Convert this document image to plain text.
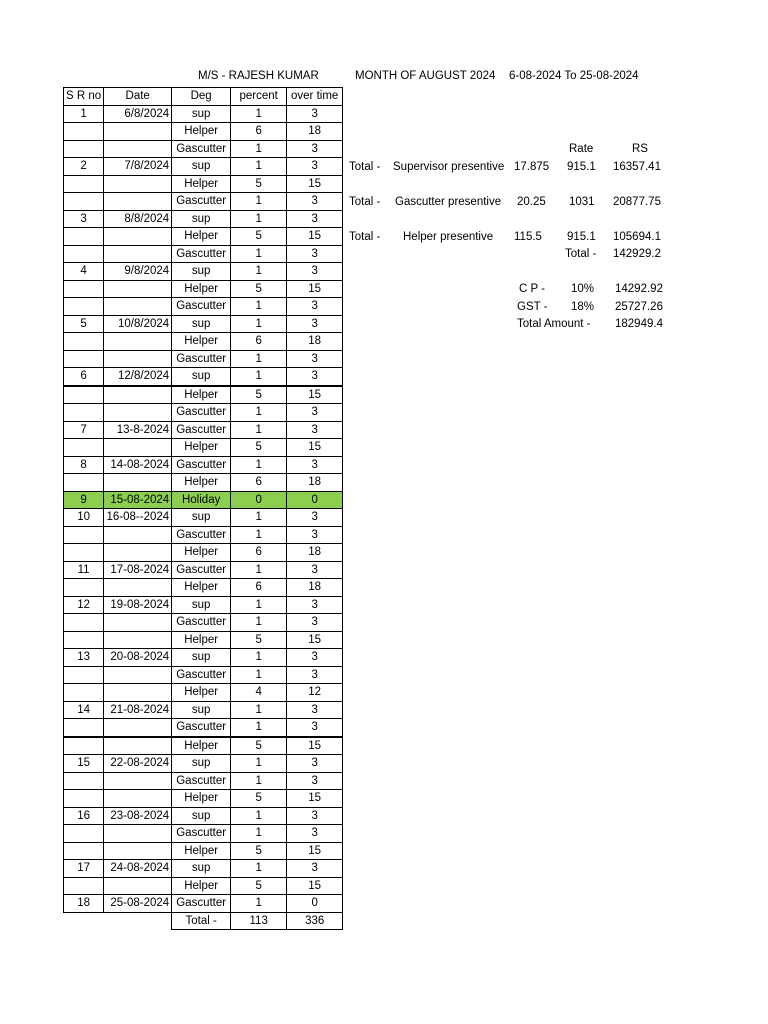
M/S - RAJESH KUMAR	MONTH OF AUGUST 2024 6-08-2024 To 25-08-2024
S R no	Date	Deg	percent	over time
1	6/8/2024	sup	1	3
		Helper	6	18
		Gascutter	1	3
2	7/8/2024	sup	1	3
		Helper	5	15
		Gascutter	1	3
3	8/8/2024	sup	1	3
		Helper	5	15
		Gascutter	1	3
4	9/8/2024	sup	1	3
		Helper	5	15
		Gascutter	1	3
5	10/8/2024	sup	1	3
		Helper	6	18
		Gascutter	1	3
6	12/8/2024	sup	1	3
		Helper	5	15
		Gascutter	1	3
7	13-8-2024	Gascutter	1	3
		Helper	5	15
8	14-08-2024	Gascutter	1	3
		Helper	6	18
9	15-08-2024	Holiday	0	0
10	16-08--2024	sup	1	3
		Gascutter	1	3
		Helper	6	18
11	17-08-2024	Gascutter	1	3
		Helper	6	18
12	19-08-2024	sup	1	3
		Gascutter	1	3
		Helper	5	15
13	20-08-2024	sup	1	3
		Gascutter	1	3
		Helper	4	12
14	21-08-2024	sup	1	3
		Gascutter	1	3
		Helper	5	15
15	22-08-2024	sup	1	3
		Gascutter	1	3
		Helper	5	15
16	23-08-2024	sup	1	3
		Gascutter	1	3
		Helper	5	15
17	24-08-2024	sup	1	3
		Helper	5	15
18	25-08-2024	Gascutter	1	0
		Total -	113	336
Rate	RS
Total - Supervisor presentive 17.875 915.1 16357.41
Total - Gascutter presentive 20.25 1031 20877.75
Total - Helper presentive 115.5 915.1 105694.1
Total - 142929.2
C P - 10% 14292.92
GST - 18% 25727.26
Total Amount - 182949.4
